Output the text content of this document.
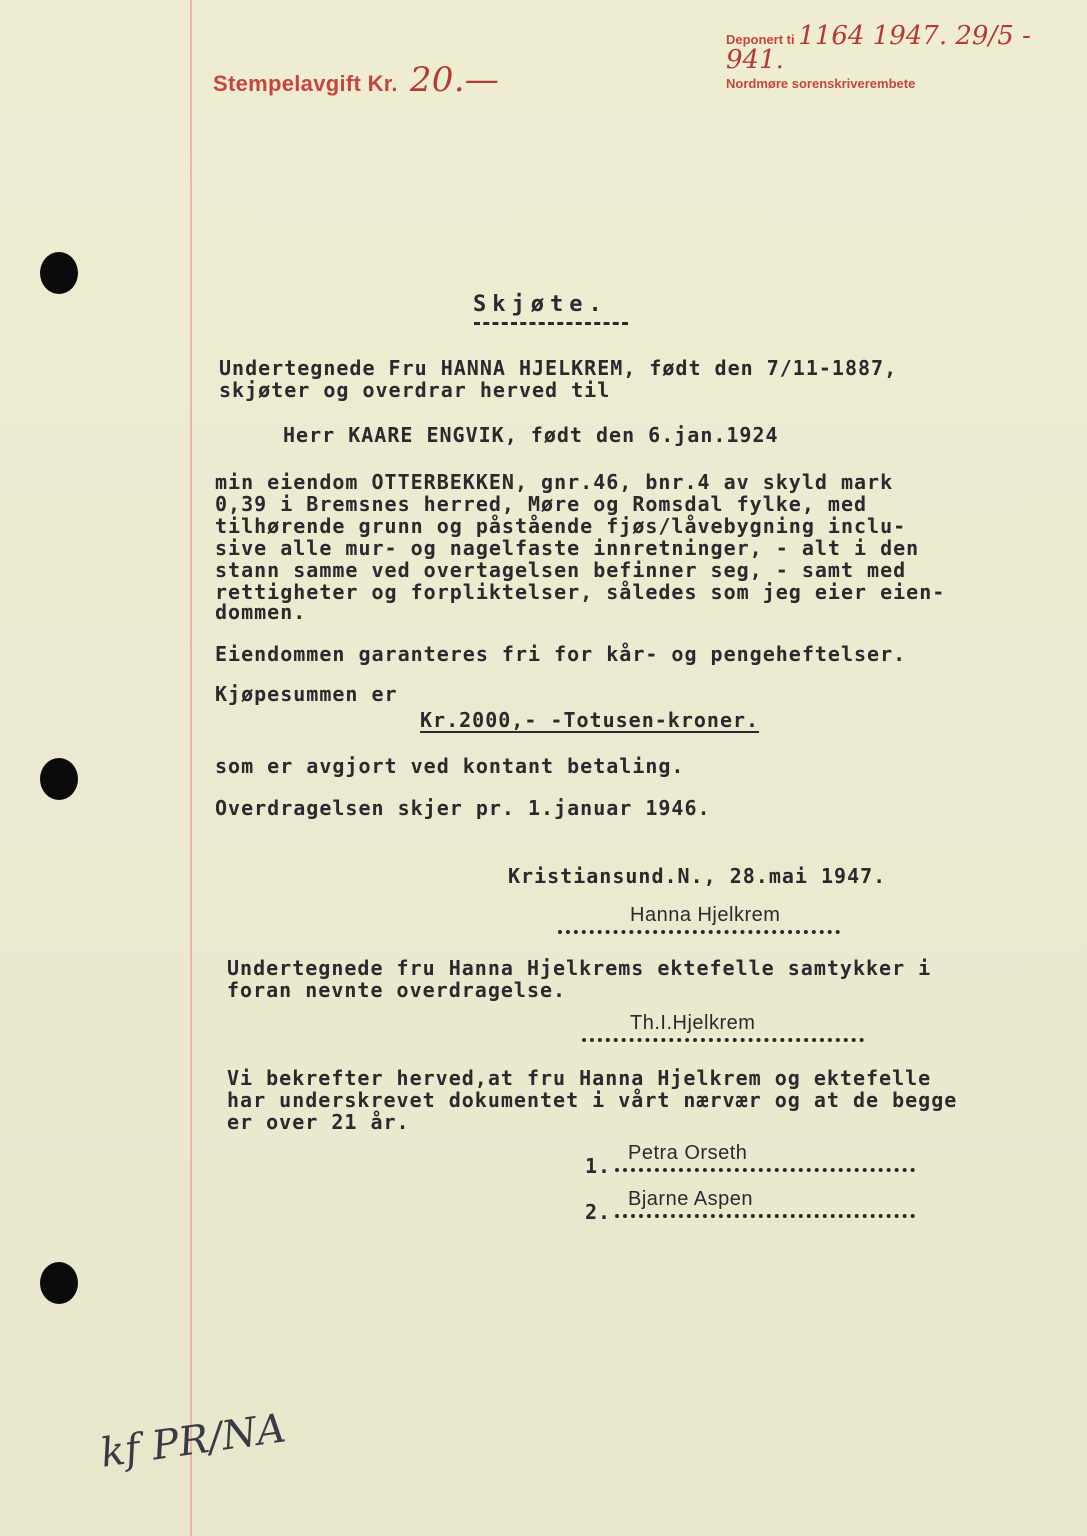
Stempelavgift Kr. 20.—
Deponert ti 1164 1947. 29/5 - 941.
Nordmøre sorenskriverembete
Skjøte.
Undertegnede Fru HANNA HJELKREM, født den 7/11-1887,
skjøter og overdrar herved til
Herr KAARE ENGVIK, født den 6.jan.1924
min eiendom OTTERBEKKEN, gnr.46, bnr.4 av skyld mark
0,39 i Bremsnes herred, Møre og Romsdal fylke, med
tilhørende grunn og påstående fjøs/låvebygning inclu-
sive alle mur- og nagelfaste innretninger, - alt i den
stann samme ved overtagelsen befinner seg, - samt med
rettigheter og forpliktelser, således som jeg eier eien-
dommen.
Eiendommen garanteres fri for kår- og pengeheftelser.
Kjøpesummen er
Kr.2000,- -Totusen-kroner.
som er avgjort ved kontant betaling.
Overdragelsen skjer pr. 1.januar 1946.
Kristiansund.N., 28.mai 1947.
Hanna Hjelkrem
Undertegnede fru Hanna Hjelkrems ektefelle samtykker i
foran nevnte overdragelse.
Th.I.Hjelkrem
Vi bekrefter herved,at fru Hanna Hjelkrem og ektefelle
har underskrevet dokumentet i vårt nærvær og at de begge
er over 21 år.
1.
Petra Orseth
2.
Bjarne Aspen
kf PR/NA
